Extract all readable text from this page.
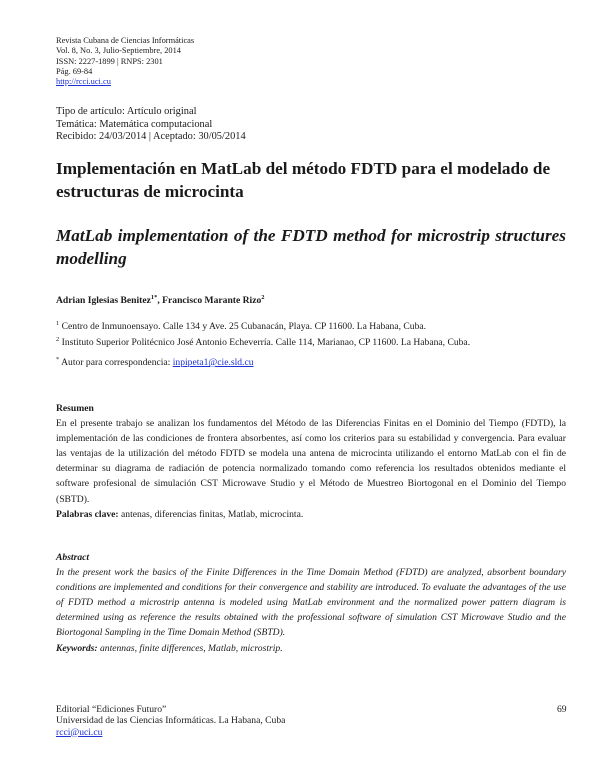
Revista Cubana de Ciencias Informáticas
Vol. 8, No. 3, Julio-Septiembre, 2014
ISSN: 2227-1899 | RNPS: 2301
Pág. 69-84
http://rcci.uci.cu
Tipo de artículo: Artículo original
Temática: Matemática computacional
Recibido: 24/03/2014 | Aceptado: 30/05/2014
Implementación en MatLab del método FDTD para el modelado de estructuras de microcinta
MatLab implementation of the FDTD method for microstrip structures modelling
Adrian Iglesias Benitez$^{1*}$, Francisco Marante Rizo$^2$
$^1$ Centro de Inmunoensayo. Calle 134 y Ave. 25 Cubanacán, Playa. CP 11600. La Habana, Cuba.
$^2$ Instituto Superior Politécnico José Antonio Echeverría. Calle 114, Marianao, CP 11600. La Habana, Cuba.
* Autor para correspondencia: inpipeta1@cie.sld.cu
Resumen

En el presente trabajo se analizan los fundamentos del Método de las Diferencias Finitas en el Dominio del Tiempo (FDTD), la implementación de las condiciones de frontera absorbentes, así como los criterios para su estabilidad y convergencia. Para evaluar las ventajas de la utilización del método FDTD se modela una antena de microcinta utilizando el entorno MatLab con el fin de determinar su diagrama de radiación de potencia normalizado tomando como referencia los resultados obtenidos mediante el software profesional de simulación CST Microwave Studio y el Método de Muestreo Biortogonal en el Dominio del Tiempo (SBTD).

Palabras clave: antenas, diferencias finitas, Matlab, microcinta.
Abstract

In the present work the basics of the Finite Differences in the Time Domain Method (FDTD) are analyzed, absorbent boundary conditions are implemented and conditions for their convergence and stability are introduced. To evaluate the advantages of the use of FDTD method a microstrip antenna is modeled using MatLab environment and the normalized power pattern diagram is determined using as reference the results obtained with the professional software of simulation CST Microwave Studio and the Biortogonal Sampling in the Time Domain Method (SBTD).

Keywords: antennas, finite differences, Matlab, microstrip.
Editorial “Ediciones Futuro”
Universidad de las Ciencias Informáticas. La Habana, Cuba
rcci@uci.cu
69
